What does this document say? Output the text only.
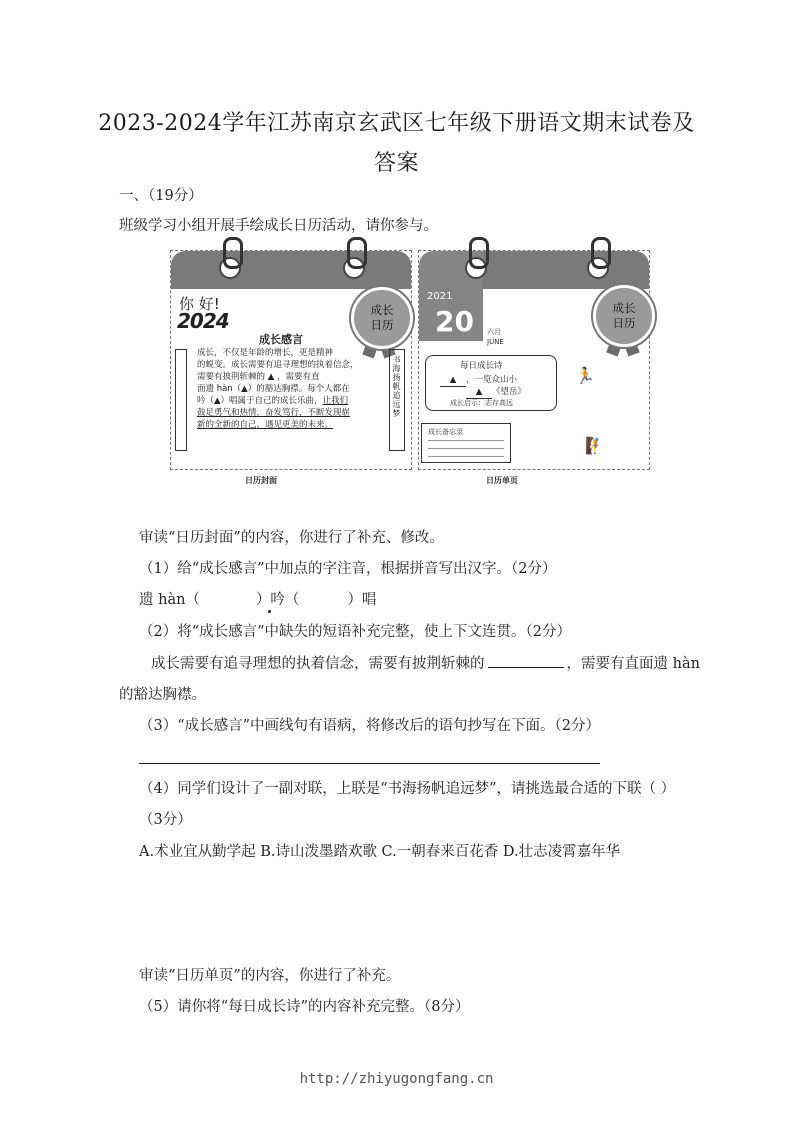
2023-2024学年江苏南京玄武区七年级下册语文期末试卷及
答案
一、（19分）
班级学习小组开展手绘成长日历活动，请你参与。
你 好!
2024	成长
日历
成长感言
成长，不仅是年龄的增长，更是精神
的蜕变。成长需要有追寻理想的执着信念，
需要有披荆斩棘的 ▲ ，需要有直
面遗 hàn（▲）的豁达胸襟。每个人都在
吟（▲）唱属于自己的成长乐曲，让我们
鼓足勇气和热情，奋发笃行，不断发现崭
新的全新的自己，遇见更美的未来。
书海扬帆追远梦
日历封面
2021
20 六月
JUNE
成长
日历
每日成长诗
▲ ，一览众山小
▲ 《望岳》
成长启示：志存高远
🏃
成长备忘录
🧗
日历单页
审读“日历封面”的内容，你进行了补充、修改。
（1）给“成长感言”中加点的字注音，根据拼音写出汉字。（2分）
遗 hàn（	）吟（	）唱
（2）将“成长感言”中缺失的短语补充完整，使上下文连贯。（2分）
成长需要有追寻理想的执着信念，需要有披荆斩棘的	，需要有直面遗 hàn
的豁达胸襟。
（3）“成长感言”中画线句有语病，将修改后的语句抄写在下面。（2分）
（4）同学们设计了一副对联，上联是“书海扬帆追远梦”，请挑选最合适的下联（ ）
（3分）
A.术业宜从勤学起 B.诗山泼墨踏欢歌 C.一朝春来百花香 D.壮志凌霄嘉年华
审读“日历单页”的内容，你进行了补充。
（5）请你将“每日成长诗”的内容补充完整。（8分）
http://zhiyugongfang.cn
